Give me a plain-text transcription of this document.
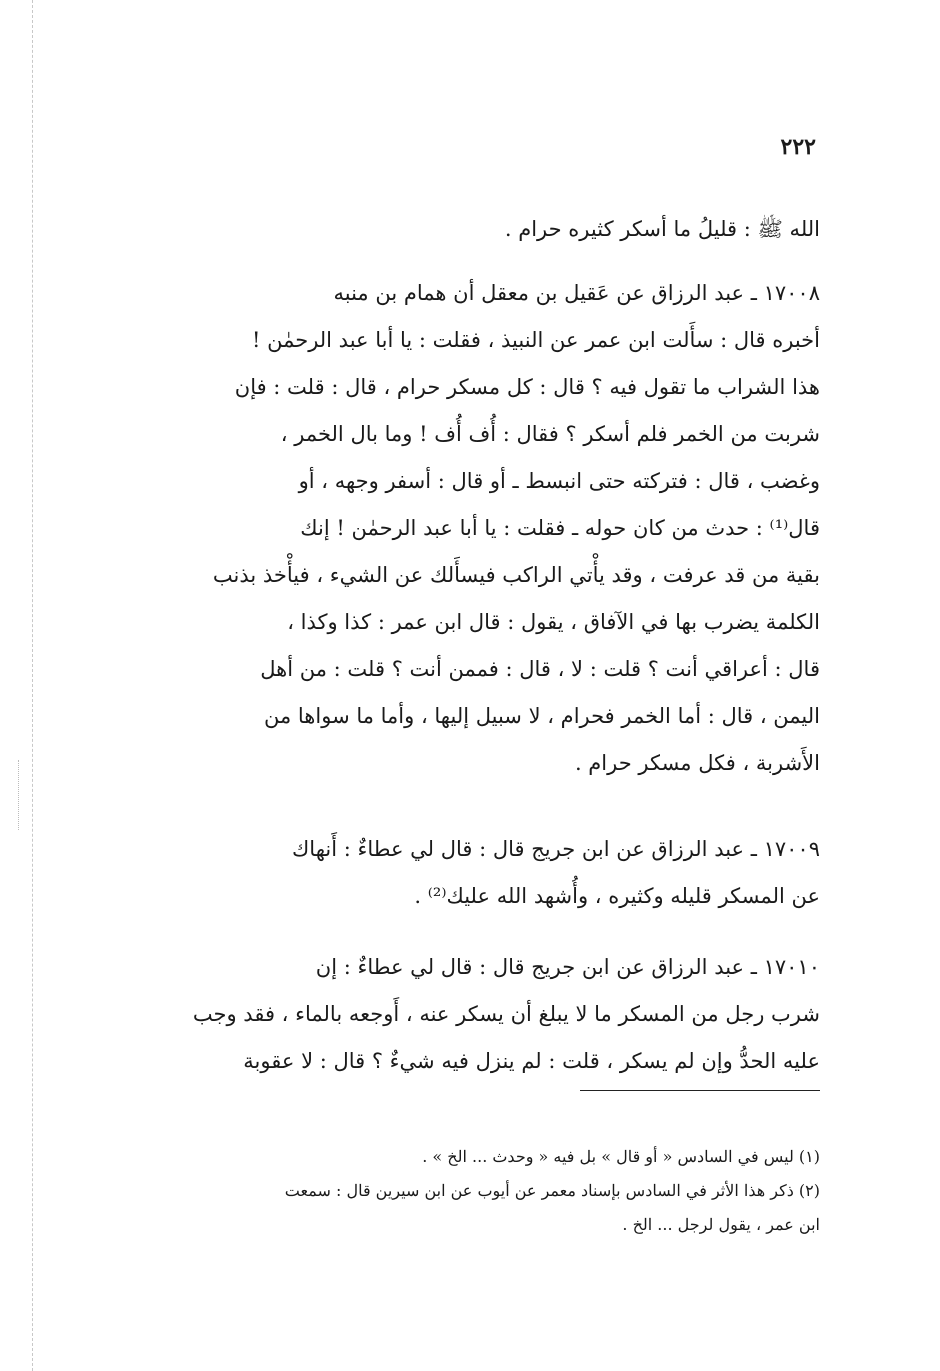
٢٢٢
الله ﷺ : قليلُ ما أسكر كثيره حرام .
١٧٠٠٨ ـ عبد الرزاق عن عَقيل بن معقل أن همام بن منبه
أخبره قال : سأَلت ابن عمر عن النبيذ ، فقلت : يا أبا عبد الرحمٰن !
هذا الشراب ما تقول فيه ؟ قال : كل مسكر حرام ، قال : قلت : فإن
شربت من الخمر فلم أسكر ؟ فقال : أُف أُف ! وما بال الخمر ،
وغضب ، قال : فتركته حتى انبسط ـ أو قال : أسفر وجهه ، أو
قال⁽¹⁾ : حدث من كان حوله ـ فقلت : يا أبا عبد الرحمٰن ! إنك
بقية من قد عرفت ، وقد يأْتي الراكب فيسأَلك عن الشيء ، فيأْخذ بذنب
الكلمة يضرب بها في الآفاق ، يقول : قال ابن عمر : كذا وكذا ،
قال : أعراقي أنت ؟ قلت : لا ، قال : فممن أنت ؟ قلت : من أهل
اليمن ، قال : أما الخمر فحرام ، لا سبيل إليها ، وأما ما سواها من
الأَشربة ، فكل مسكر حرام .
١٧٠٠٩ ـ عبد الرزاق عن ابن جريج قال : قال لي عطاءٌ : أَنهاك
عن المسكر قليله وكثيره ، وأُشهد الله عليك⁽²⁾ .
١٧٠١٠ ـ عبد الرزاق عن ابن جريج قال : قال لي عطاءٌ : إن
شرب رجل من المسكر ما لا يبلغ أن يسكر عنه ، أَوجعه بالماء ، فقد وجب
عليه الحدُّ وإن لم يسكر ، قلت : لم ينزل فيه شيءٌ ؟ قال : لا عقوبة
(١) ليس في السادس « أو قال » بل فيه « وحدث ... الخ » .
(٢) ذكر هذا الأثر في السادس بإسناد معمر عن أيوب عن ابن سيرين قال : سمعت
ابن عمر ، يقول لرجل ... الخ .
